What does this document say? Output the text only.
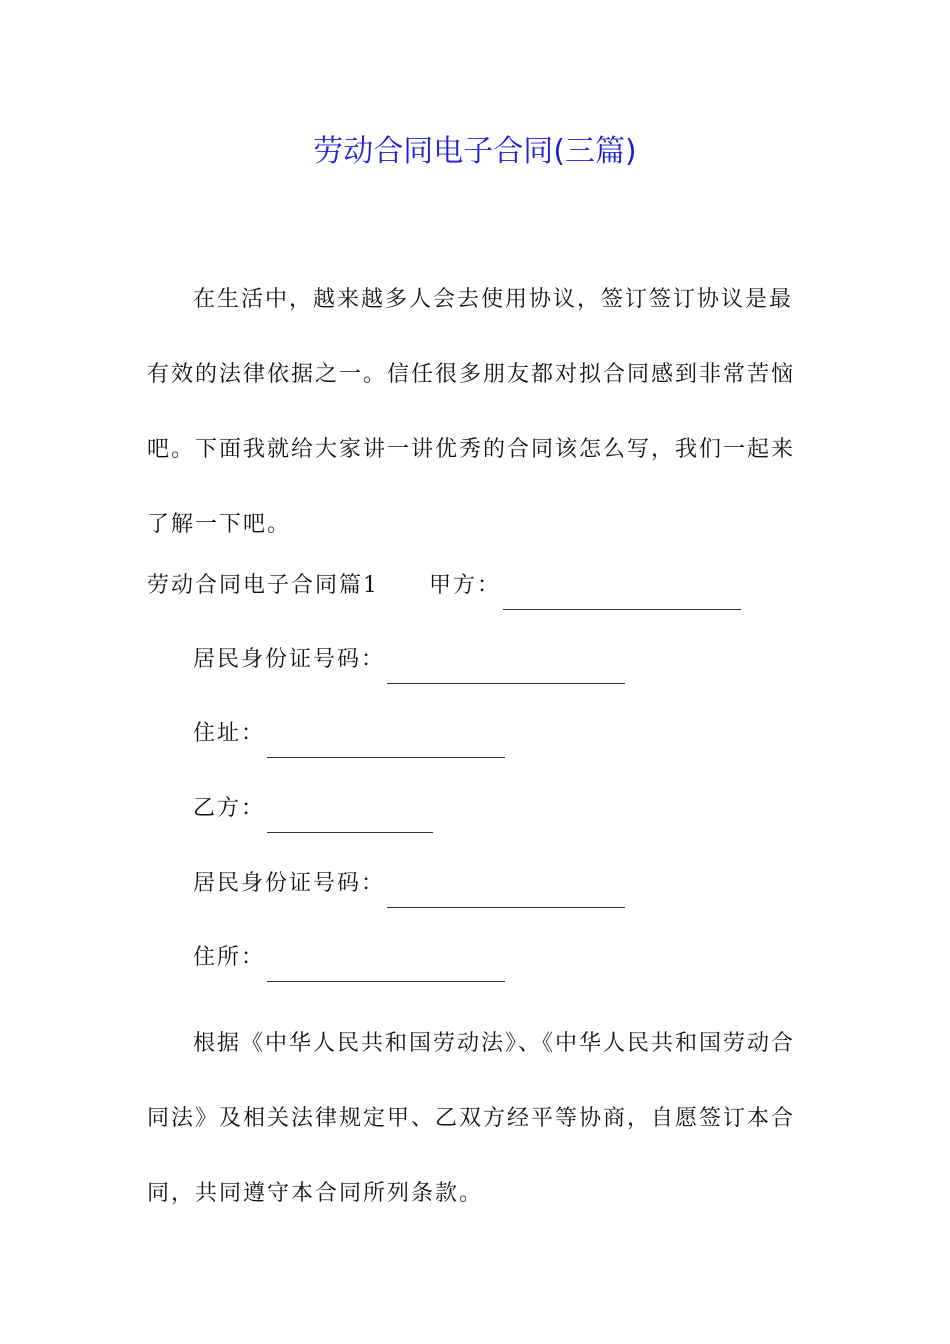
劳动合同电子合同(三篇)

在生活中，越来越多人会去使用协议，签订签订协议是最有效的法律依据之一。信任很多朋友都对拟合同感到非常苦恼吧。下面我就给大家讲一讲优秀的合同该怎么写，我们一起来了解一下吧。

劳动合同电子合同篇1 甲方：
居民身份证号码：
住址：
乙方：
居民身份证号码：
住所：

根据《中华人民共和国劳动法》、《中华人民共和国劳动合同法》及相关法律规定甲、乙双方经平等协商，自愿签订本合同，共同遵守本合同所列条款。
